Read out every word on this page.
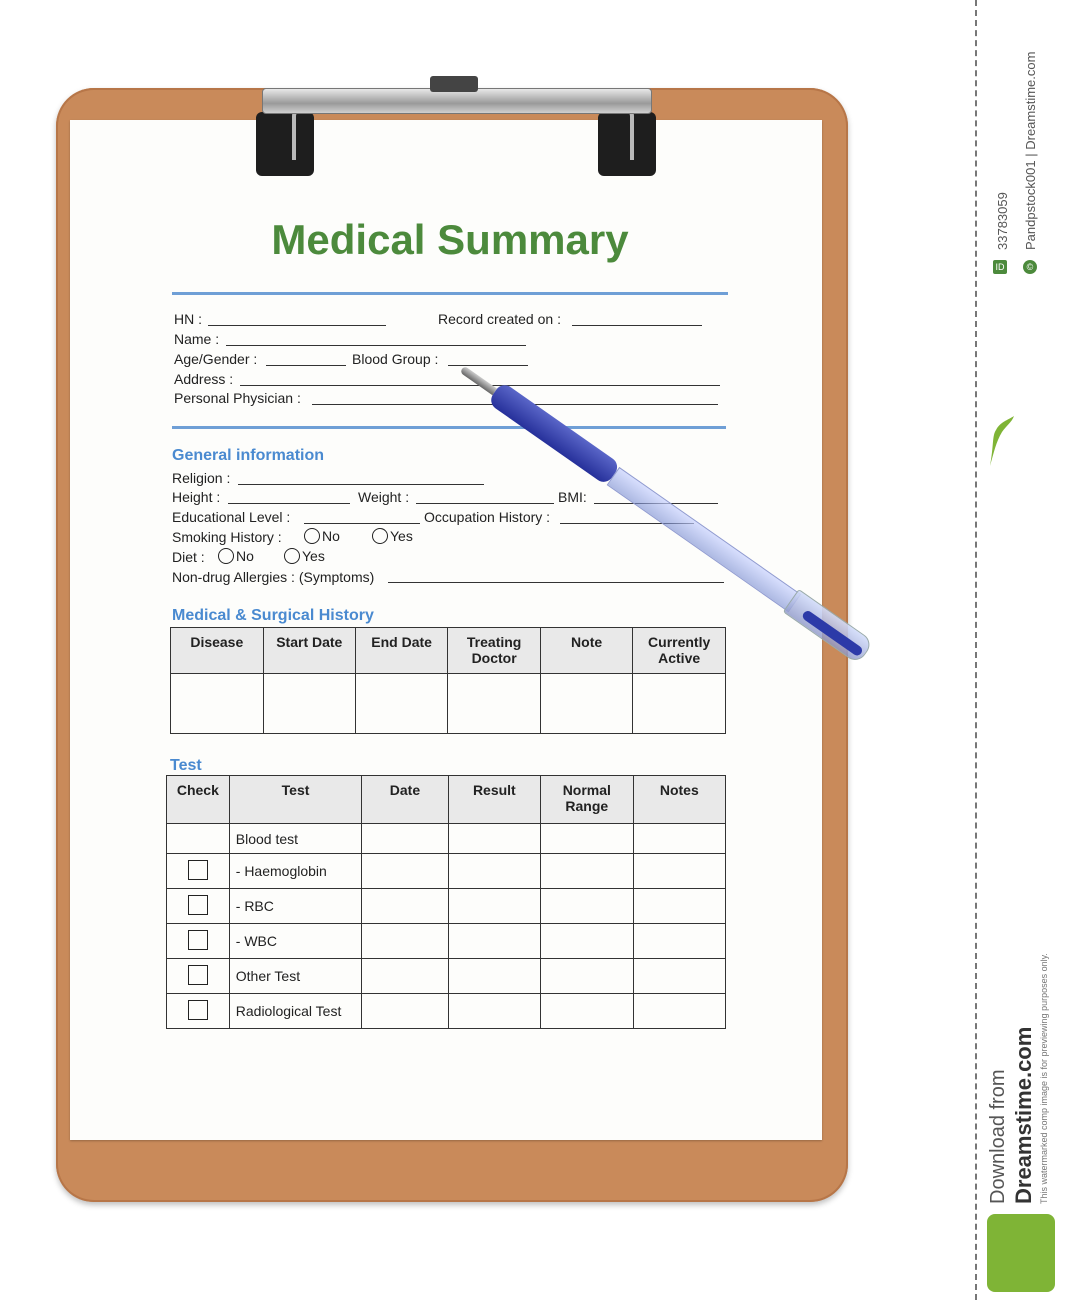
Medical Summary
HN :	Record created on :
Name :
Age/Gender :	Blood Group :
Address :
Personal Physician :
General information
Religion :
Height :	Weight :	BMI:
Educational Level :	Occupation History :
Smoking History :	No	Yes
Diet :	No	Yes
Non-drug Allergies : (Symptoms)
Medical & Surgical History
Disease	Start Date	End Date	Treating Doctor	Note	Currently Active

Test
Check	Test	Date	Result	Normal Range	Notes
	Blood test				
	- Haemoglobin				
	- RBC				
	- WBC				
	Other Test				
	Radiological Test				
33783059
ID
Pandpstock001 | Dreamstime.com
©
Download from Dreamstime.com This watermarked comp image is for previewing purposes only.
